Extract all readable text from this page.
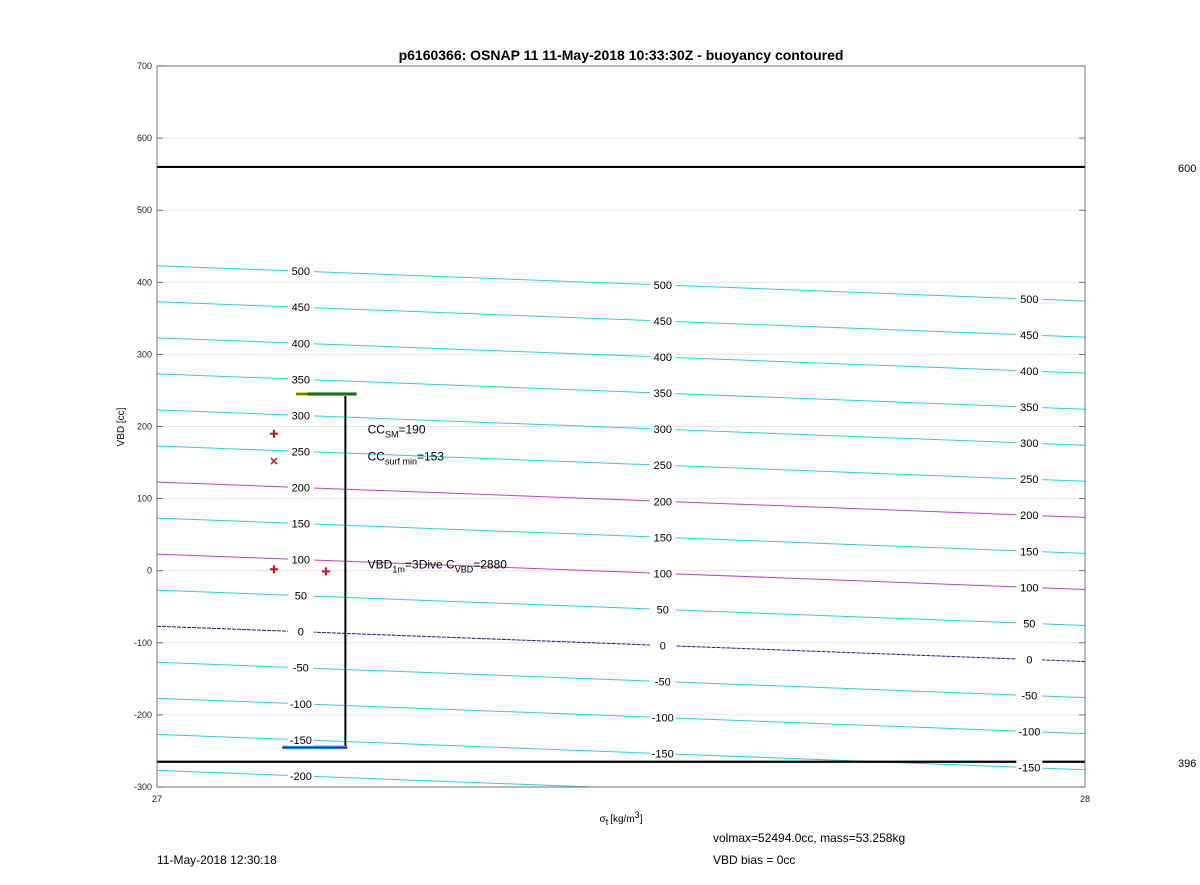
600
396
500
500
500
450
450
450
400
400
400
350
350
350
300
300
300
250
250
250
200
200
200
150
150
150
100
100
100
50
50
50
0
0
0
-50
-50
-50
-100
-100
-100
-150
-150
-150
-200
$CC_{SM}=190$
$CC_{surf min}=153$
$VBD_{1m}=3$ Dive $C_{VBD}=2880$
700
600
500
400
300
200
100
0
-100
-200
-300
27	28
p6160366: OSNAP 11 11-May-2018 10:33:30Z - buoyancy contoured
VBD [cc]
σt [kg/m3]
11-May-2018 12:30:18
volmax=52494.0cc, mass=53.258kg
VBD bias = 0cc
